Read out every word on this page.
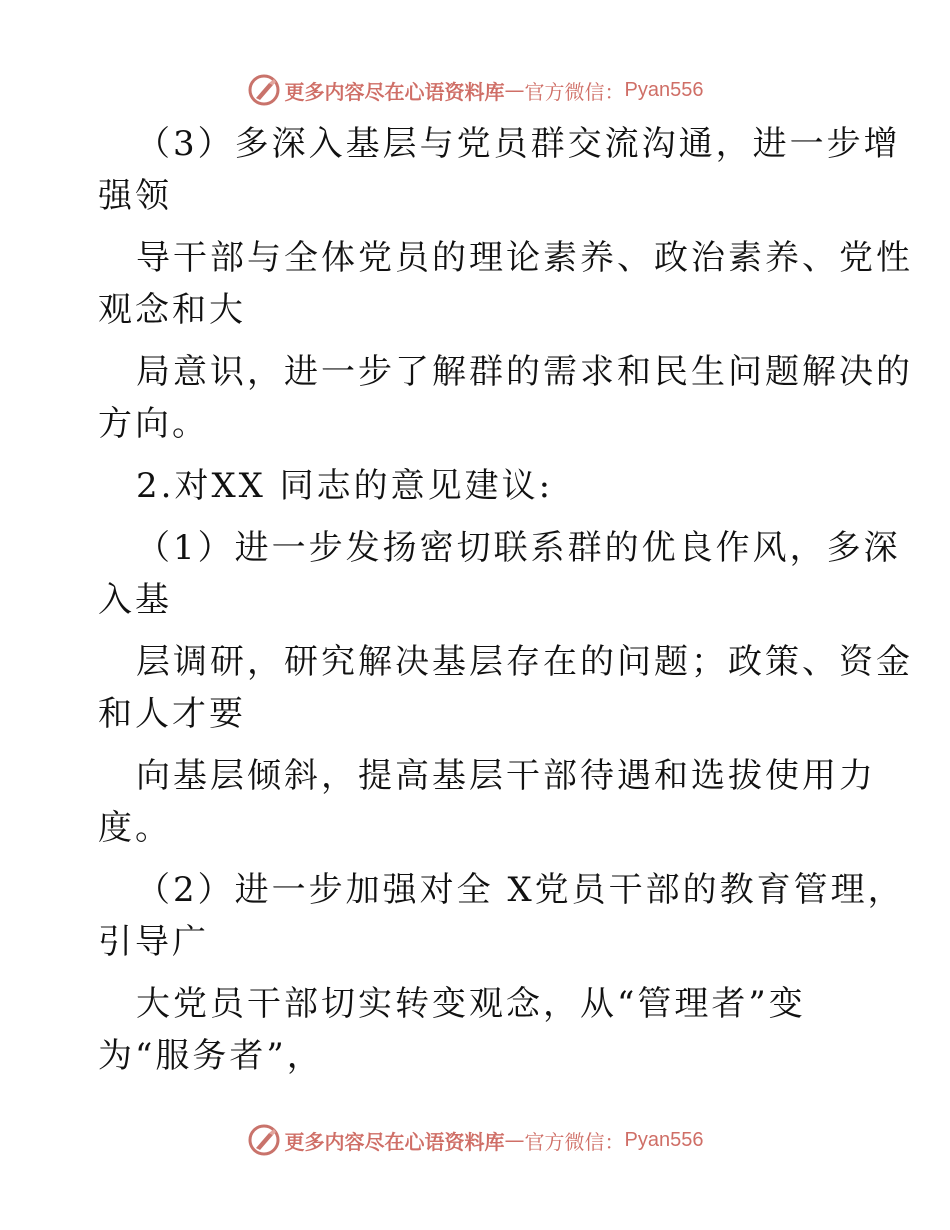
更多内容尽在心语资料库 — 官方微信： Pyan556
（3）多深入基层与党员群交流沟通，进一步增
强领
导干部与全体党员的理论素养、政治素养、党性
观念和大
局意识，进一步了解群的需求和民生问题解决的
方向。
2.对XX 同志的意见建议:
（1）进一步发扬密切联系群的优良作风，多深
入基
层调研，研究解决基层存在的问题；政策、资金
和人才要
向基层倾斜，提高基层干部待遇和选拔使用力
度。
（2）进一步加强对全 X党员干部的教育管理，
引导广
大党员干部切实转变观念，从“管理者”变
为“服务者”，
更多内容尽在心语资料库 — 官方微信： Pyan556
